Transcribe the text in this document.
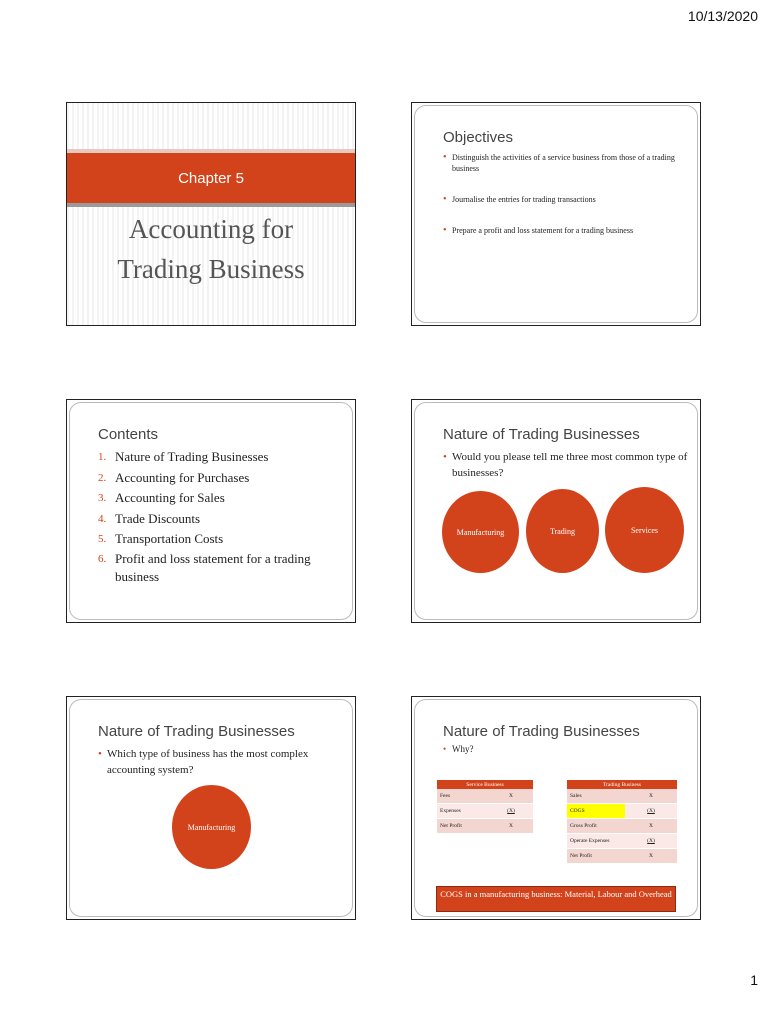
10/13/2020
Chapter 5
Accounting for
Trading Business
Objectives
• Distinguish the activities of a service business from those of a trading business
• Journalise the entries for trading transactions
• Prepare a profit and loss statement for a trading business
Contents
1. Nature of Trading Businesses
2. Accounting for Purchases
3. Accounting for Sales
4. Trade Discounts
5. Transportation Costs
6. Profit and loss statement for a trading business
Nature of Trading Businesses
• Would you please tell me three most common type of businesses?
Manufacturing	Trading	Services
Nature of Trading Businesses
• Which type of business has the most complex accounting system?
Manufacturing
Nature of Trading Businesses
• Why?
Service Business	
Fees	X
Expenses	(X)
Net Profit	X
Trading Business	
Sales	X
COGS	(X)
Gross Profit	X
Operate Expenses	(X)
Net Profit	X
COGS in a manufacturing business: Material, Labour and Overhead
1
